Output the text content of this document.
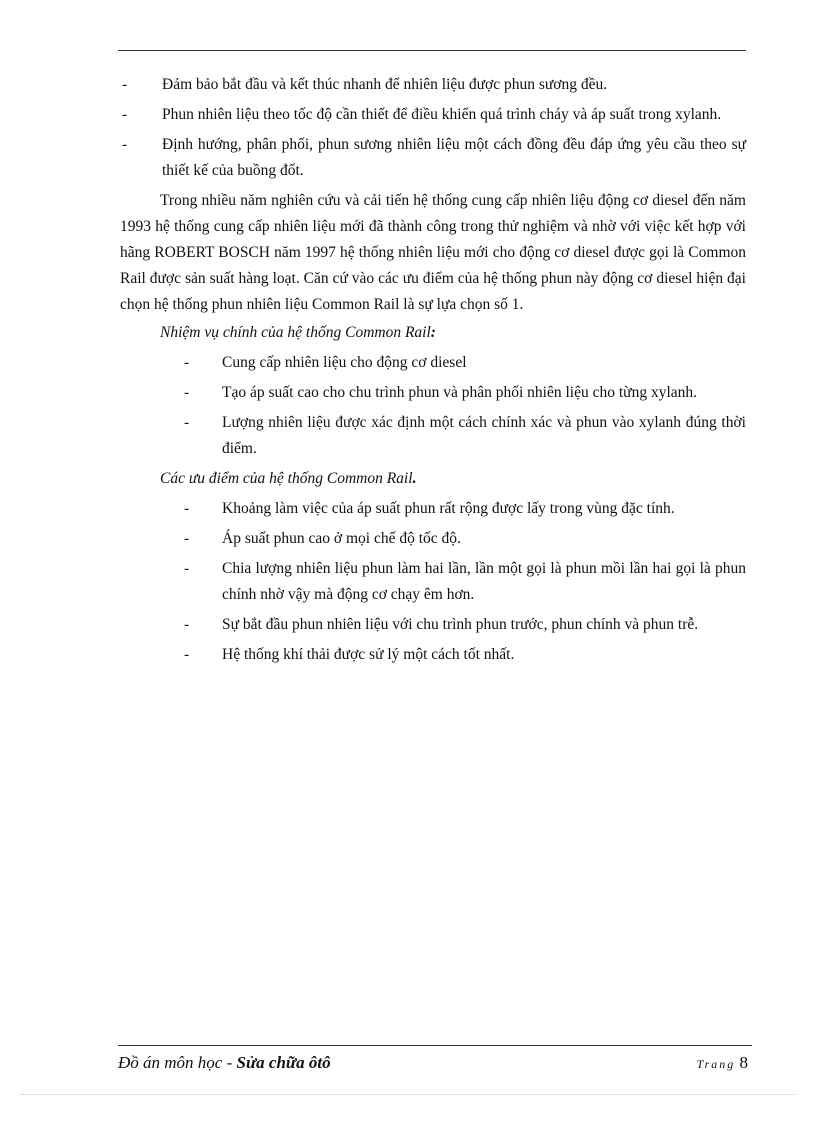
- Đảm bảo bắt đầu và kết thúc nhanh để nhiên liệu được phun sương đều.
- Phun nhiên liệu theo tốc độ cần thiết để điều khiển quá trình cháy và áp suất trong xylanh.
- Định hướng, phân phối, phun sương nhiên liệu một cách đồng đều đáp ứng yêu cầu theo sự thiết kế của buồng đốt.
Trong nhiều năm nghiên cứu và cải tiến hệ thống cung cấp nhiên liệu động cơ diesel đến năm 1993 hệ thống cung cấp nhiên liệu mới đã thành công trong thử nghiệm và nhờ với việc kết hợp với hãng ROBERT BOSCH năm 1997 hệ thống nhiên liệu mới cho động cơ diesel được gọi là Common Rail được sản suất hàng loạt. Căn cứ vào các ưu điểm của hệ thống phun này động cơ diesel hiện đại chọn hệ thống phun nhiên liệu Common Rail là sự lựa chọn số 1.
Nhiệm vụ chính của hệ thống Common Rail:
- Cung cấp nhiên liệu cho động cơ diesel
- Tạo áp suất cao cho chu trình phun và phân phối nhiên liệu cho từng xylanh.
- Lượng nhiên liệu được xác định một cách chính xác và phun vào xylanh đúng thời điểm.
Các ưu điểm của hệ thống Common Rail.
- Khoảng làm việc của áp suất phun rất rộng được lấy trong vùng đặc tính.
- Áp suất phun cao ở mọi chế độ tốc độ.
- Chia lượng nhiên liệu phun làm hai lần, lần một gọi là phun mồi lần hai gọi là phun chính nhờ vậy mà động cơ chạy êm hơn.
- Sự bắt đầu phun nhiên liệu với chu trình phun trước, phun chính và phun trễ.
- Hệ thống khí thải được sử lý một cách tốt nhất.
Đồ án môn học - Sửa chữa ôtô	Trang 8
